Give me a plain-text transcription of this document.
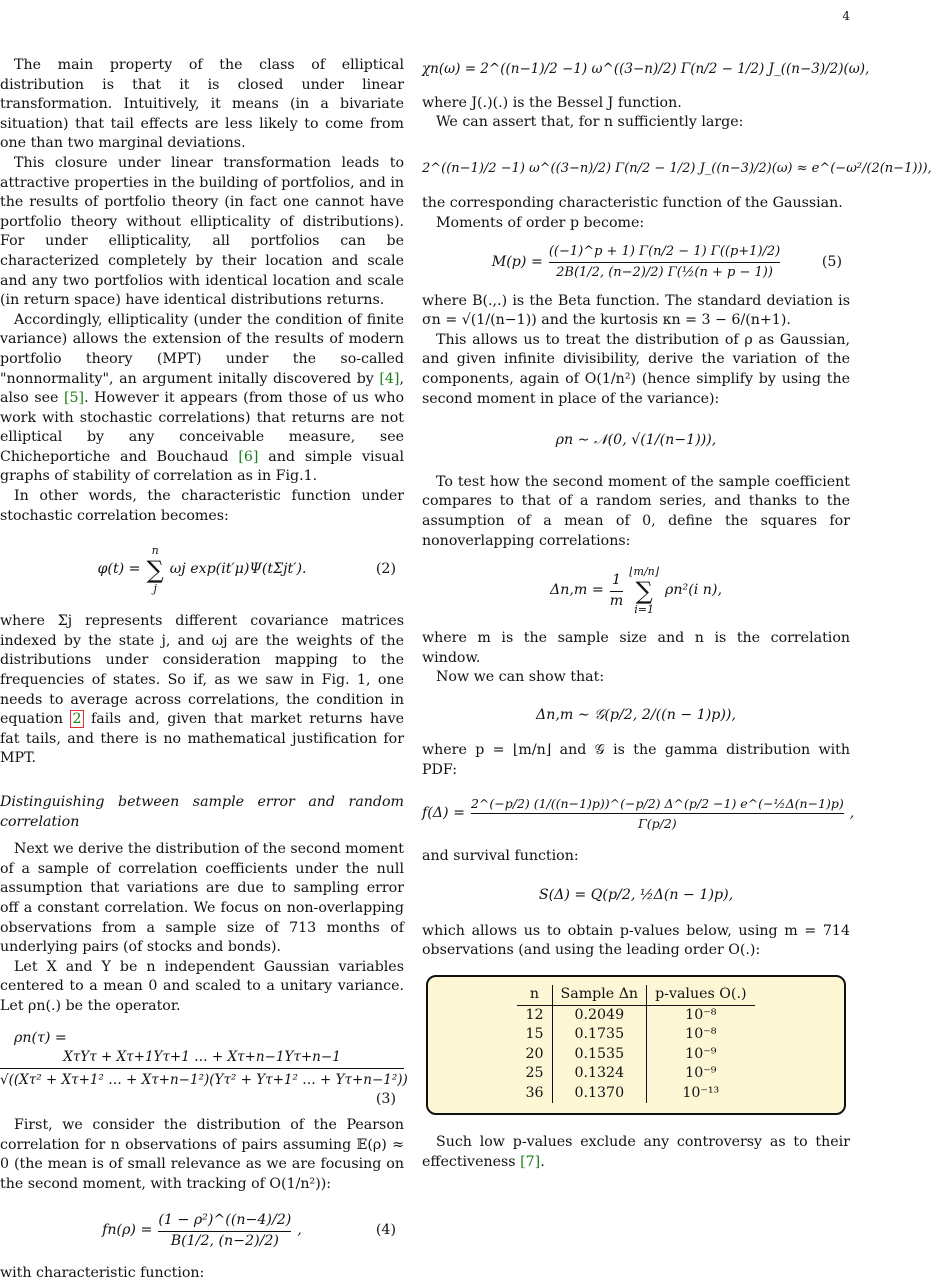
4

The main property of the class of elliptical distribution is that it is closed under linear transformation. Intuitively, it means (in a bivariate situation) that tail effects are less likely to come from one than two marginal deviations.

This closure under linear transformation leads to attractive properties in the building of portfolios, and in the results of portfolio theory (in fact one cannot have portfolio theory without ellipticality of distributions). For under ellipticality, all portfolios can be characterized completely by their location and scale and any two portfolios with identical location and scale (in return space) have identical distributions returns.

Accordingly, ellipticality (under the condition of finite variance) allows the extension of the results of modern portfolio theory (MPT) under the so-called "nonnormality", an argument initally discovered by [4], also see [5]. However it appears (from those of us who work with stochastic correlations) that returns are not elliptical by any conceivable measure, see Chicheportiche and Bouchaud [6] and simple visual graphs of stability of correlation as in Fig.1.

In other words, the characteristic function under stochastic correlation becomes:

φ(t) =
n
∑
j
ωj exp(it′μ)Ψ(tΣjt′).	(2)

where Σj represents different covariance matrices indexed by the state j, and ωj are the weights of the distributions under consideration mapping to the frequencies of states. So if, as we saw in Fig. 1, one needs to average across correlations, the condition in equation 2 fails and, given that market returns have fat tails, and there is no mathematical justification for MPT.

Distinguishing between sample error and random correlation

Next we derive the distribution of the second moment of a sample of correlation coefficients under the null assumption that variations are due to sampling error off a constant correlation. We focus on non-overlapping observations from a sample size of 713 months of underlying pairs (of stocks and bonds).

Let X and Y be n independent Gaussian variables centered to a mean 0 and scaled to a unitary variance. Let ρn(.) be the operator.

ρn(τ) =
XτYτ + Xτ+1Yτ+1 … + Xτ+n−1Yτ+n−1
√((Xτ² + Xτ+1² … + Xτ+n−1²)(Yτ² + Yτ+1² … + Yτ+n−1²))
(3)

First, we consider the distribution of the Pearson correlation for n observations of pairs assuming 𝔼(ρ) ≈ 0 (the mean is of small relevance as we are focusing on the second moment, with tracking of O(1/n²)):

$fn(\rho) = \frac{\text{(1 − ρ²)\textasciicircum{}((n−4)/2)}}{B(1/2, (n-2)/2)}$ ,	(4)

with characteristic function:

χn(ω) = 2^((n−1)/2 −1) ω^((3−n)/2) Γ(n/2 − 1/2) J_((n−3)/2)(ω),

where J(.)(.) is the Bessel J function.

We can assert that, for n sufficiently large:

2^((n−1)/2 −1) ω^((3−n)/2) Γ(n/2 − 1/2) J_((n−3)/2)(ω) ≈ e^(−ω²/(2(n−1))),

the corresponding characteristic function of the Gaussian.

Moments of order p become:

$M(p) = \frac{((-1)\^{}p + 1) \Gamma(n/2 - 1) \Gamma((p+1)/2)}{\text{2B(1/2, (n−2)/2) Γ(½(n + p − 1))}}$	(5)

where B(.,.) is the Beta function. The standard deviation is σn = √(1/(n−1)) and the kurtosis κn = 3 − 6/(n+1).

This allows us to treat the distribution of ρ as Gaussian, and given infinite divisibility, derive the variation of the components, again of O(1/n²) (hence simplify by using the second moment in place of the variance):

ρn ∼ 𝒩(0, √(1/(n−1))),

To test how the second moment of the sample coefficient compares to that of a random series, and thanks to the assumption of a mean of 0, define the squares for nonoverlapping correlations:

$\Delta n,m = \frac{1}{m}$ ⌊m/n⌋
∑
i=1
ρn²(i n),

where m is the sample size and n is the correlation window.

Now we can show that:

Δn,m ∼ 𝒢(p/2, 2/((n − 1)p)),

where p = ⌊m/n⌋ and 𝒢 is the gamma distribution with PDF:

$f(\Delta) = \frac{\text{2\textasciicircum{}(−p/2) (1/((n−1)p))\textasciicircum{}(−p/2) Δ\textasciicircum{}(p/2 −1) e\textasciicircum{}(−½Δ(n−1)p)}}{\Gamma(p/2)}$ ,

and survival function:

S(Δ) = Q(p/2, ½Δ(n − 1)p),

which allows us to obtain p-values below, using m = 714 observations (and using the leading order O(.):

n	Sample Δn	p-values O(.)
12	0.2049	10⁻⁸
15	0.1735	10⁻⁸
20	0.1535	10⁻⁹
25	0.1324	10⁻⁹
36	0.1370	10⁻¹³

Such low p-values exclude any controversy as to their effectiveness [7].
